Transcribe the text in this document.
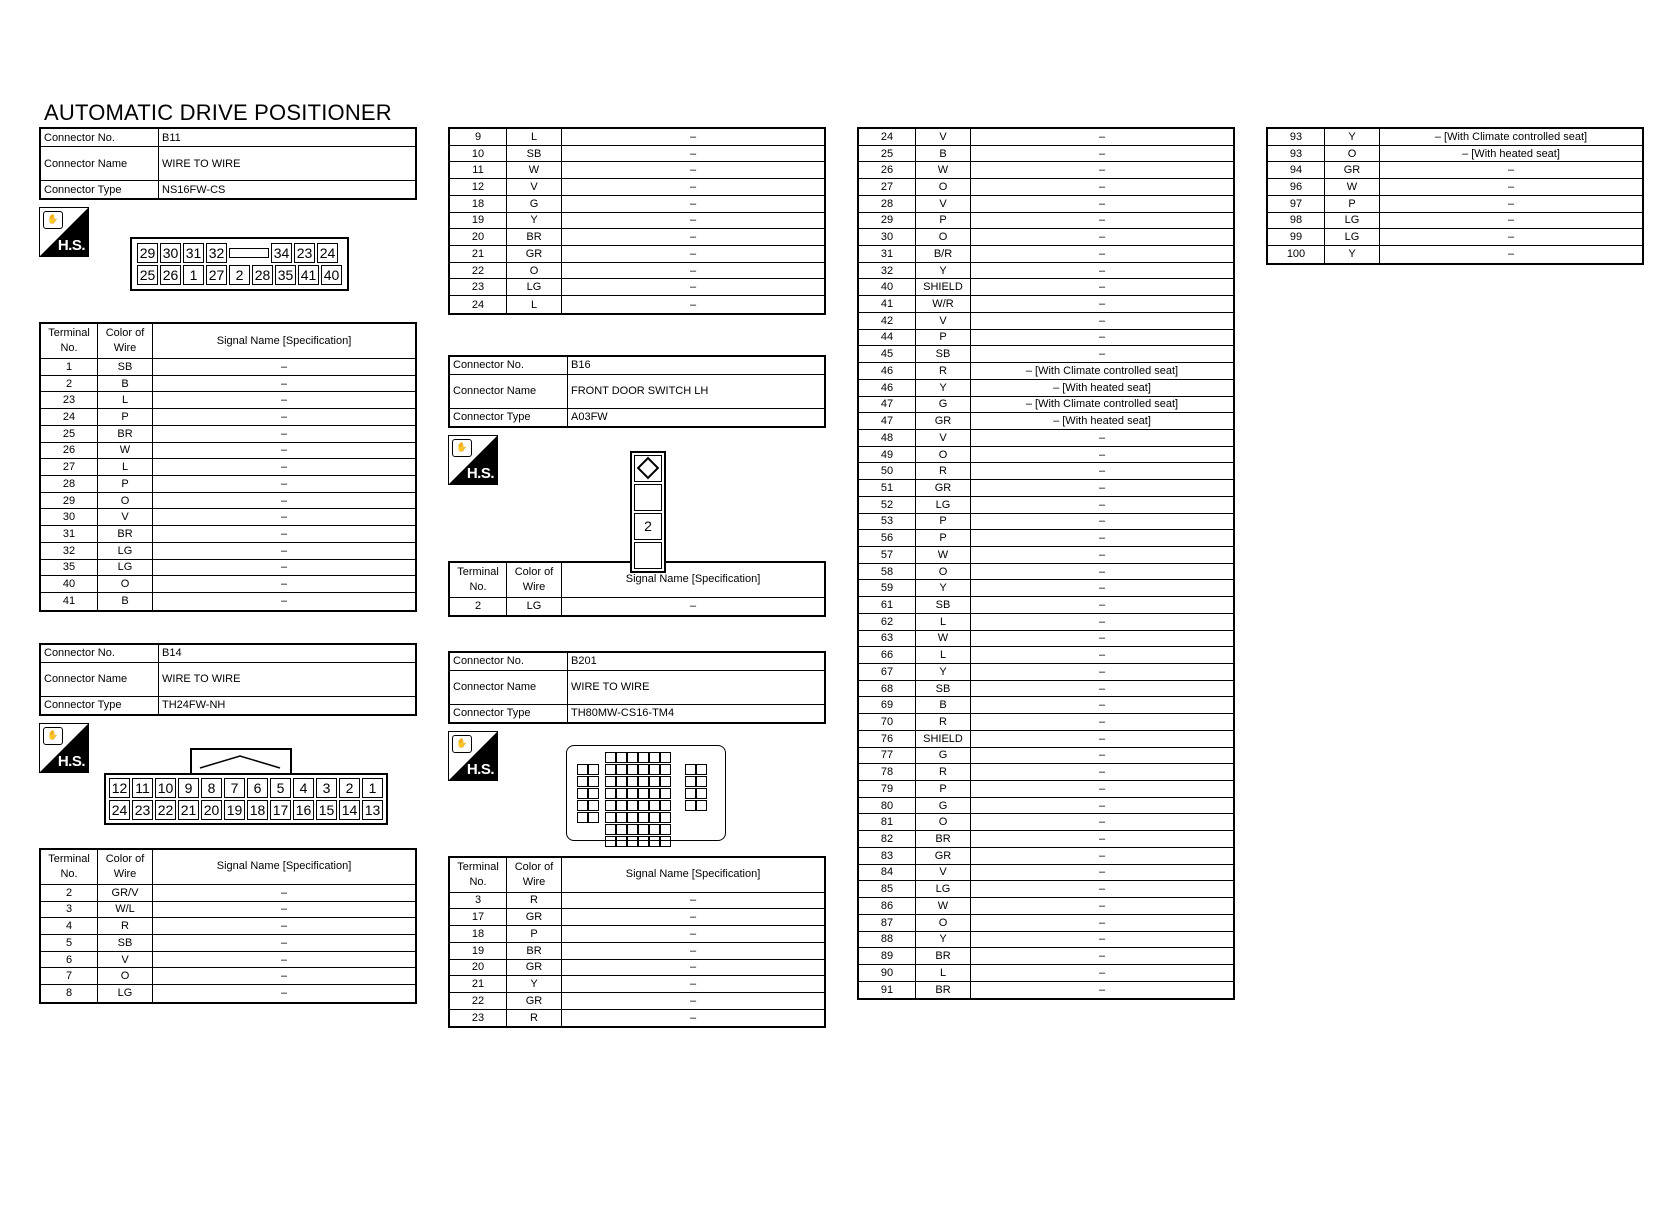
AUTOMATIC DRIVE POSITIONER
Connector No.	B11
Connector Name	WIRE TO WIRE
Connector Type	NS16FW-CS
✋
H.S.	29 30 31 32	34 23 24
25 26 1 27 2 28 35 41 40
Terminal No.
Color of Wire
Signal Name [Specification]
1	SB	–
2	B	–
23	L	–
24	P	–
25	BR	–
26	W	–
27	L	–
28	P	–
29	O	–
30	V	–
31	BR	–
32	LG	–
35	LG	–
40	O	–
41	B	–
Connector No.	B14
Connector Name	WIRE TO WIRE
Connector Type	TH24FW-NH
✋
H.S.
12 11 10 9	8	7	6	5	4	3	2	1
24 23 22 21 20 19 18 17 16 15 14 13
Terminal No.
Color of Wire
Signal Name [Specification]
2	GR/V	–
3	W/L	–
4	R	–
5	SB	–
6	V	–
7	O	–
8	LG	–
9	L	–
10	SB	–
11	W	–
12	V	–
18	G	–
19	Y	–
20	BR	–
21	GR	–
22	O	–
23	LG	–
24	L	–
Connector No.	B16
Connector Name	FRONT DOOR SWITCH LH
Connector Type	A03FW
✋
H.S.
2
Terminal No.
Color of Wire
Signal Name [Specification]
2	LG	–
Connector No.	B201
Connector Name	WIRE TO WIRE
Connector Type	TH80MW-CS16-TM4
✋
H.S.
Terminal No.
Color of Wire
Signal Name [Specification]
3	R	–
17	GR	–
18	P	–
19	BR	–
20	GR	–
21	Y	–
22	GR	–
23	R	–
24	V	–
25	B	–
26	W	–
27	O	–
28	V	–
29	P	–
30	O	–
31	B/R	–
32	Y	–
40	SHIELD	–
41	W/R	–
42	V	–
44	P	–
45	SB	–
46	R	– [With Climate controlled seat]
46	Y	– [With heated seat]
47	G	– [With Climate controlled seat]
47	GR	– [With heated seat]
48	V	–
49	O	–
50	R	–
51	GR	–
52	LG	–
53	P	–
56	P	–
57	W	–
58	O	–
59	Y	–
61	SB	–
62	L	–
63	W	–
66	L	–
67	Y	–
68	SB	–
69	B	–
70	R	–
76	SHIELD	–
77	G	–
78	R	–
79	P	–
80	G	–
81	O	–
82	BR	–
83	GR	–
84	V	–
85	LG	–
86	W	–
87	O	–
88	Y	–
89	BR	–
90	L	–
91	BR	–
93	Y	– [With Climate controlled seat]
93	O	– [With heated seat]
94	GR	–
96	W	–
97	P	–
98	LG	–
99	LG	–
100	Y	–
